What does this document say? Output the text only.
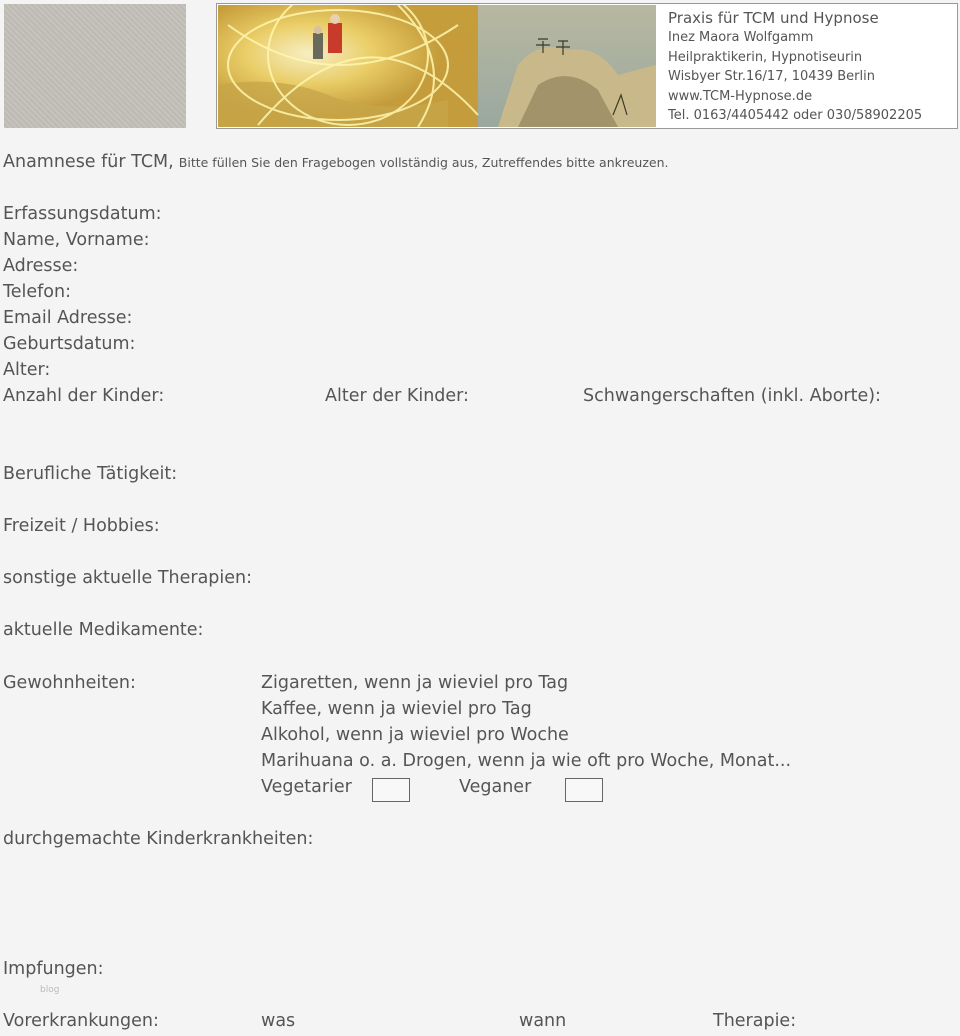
Praxis für TCM und Hypnose
Inez Maora Wolfgamm
Heilpraktikerin, Hypnotiseurin
Wisbyer Str.16/17, 10439 Berlin
www.TCM-Hypnose.de
Tel. 0163/4405442 oder 030/58902205
Anamnese für TCM, Bitte füllen Sie den Fragebogen vollständig aus, Zutreffendes bitte ankreuzen.
Erfassungsdatum:
Name, Vorname:
Adresse:
Telefon:
Email Adresse:
Geburtsdatum:
Alter:
Anzahl der Kinder:	Alter der Kinder:	Schwangerschaften (inkl. Aborte):
Berufliche Tätigkeit:
Freizeit / Hobbies:
sonstige aktuelle Therapien:
aktuelle Medikamente:
Gewohnheiten:	Zigaretten, wenn ja wieviel pro Tag
Kaffee, wenn ja wieviel pro Tag
Alkohol, wenn ja wieviel pro Woche
Marihuana o. a. Drogen, wenn ja wie oft pro Woche, Monat...
Vegetarier	Veganer
durchgemachte Kinderkrankheiten:
Impfungen:
blog
Vorerkrankungen:	was	wann	Therapie:
